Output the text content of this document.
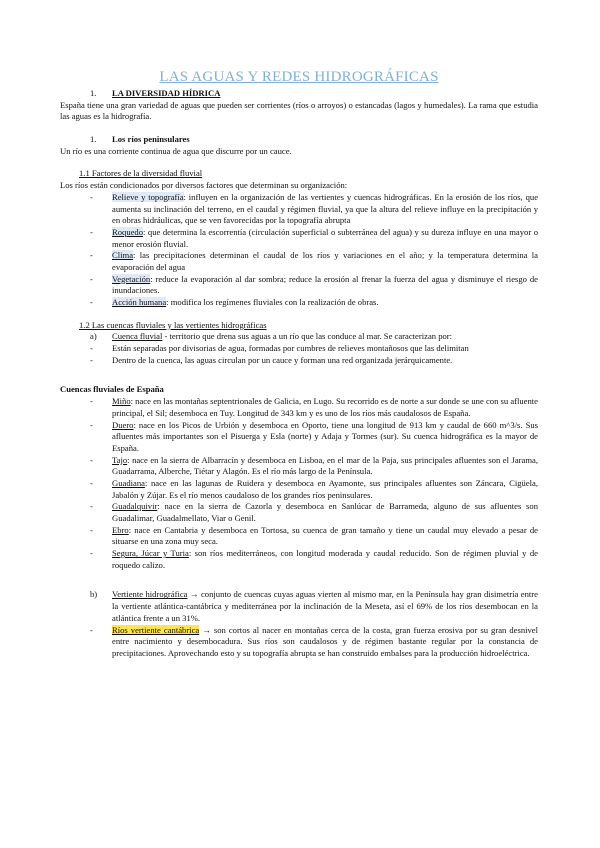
LAS AGUAS Y REDES HIDROGRÁFICAS
1. LA DIVERSIDAD HÍDRICA

España tiene una gran variedad de aguas que pueden ser corrientes (ríos o arroyos) o estancadas (lagos y humedales). La rama que estudia las aguas es la hidrografía.

1. Los ríos peninsulares

Un río es una corriente continua de agua que discurre por un cauce.

1.1 Factores de la diversidad fluvial

Los ríos están condicionados por diversos factores que determinan su organización:

- Relieve y topografía: influyen en la organización de las vertientes y cuencas hidrográficas. En la erosión de los ríos, que aumenta su inclinación del terreno, en el caudal y régimen fluvial, ya que la altura del relieve influye en la precipitación y en obras hidráulicas, que se ven favorecidas por la topografía abrupta
- Roquedo: que determina la escorrentía (circulación superficial o subterránea del agua) y su dureza influye en una mayor o menor erosión fluvial.
- Clima: las precipitaciones determinan el caudal de los ríos y variaciones en el año; y la temperatura determina la evaporación del agua
- Vegetación: reduce la evaporación al dar sombra; reduce la erosión al frenar la fuerza del agua y disminuye el riesgo de inundaciones.
- Acción humana: modifica los regímenes fluviales con la realización de obras.
1.2 Las cuencas fluviales y las vertientes hidrográficas
a) Cuenca fluvial - territorio que drena sus aguas a un río que las conduce al mar. Se caracterizan por:
- Están separadas por divisorias de agua, formadas por cumbres de relieves montañosos que las delimitan
- Dentro de la cuenca, las aguas circulan por un cauce y forman una red organizada jerárquicamente.
Cuencas fluviales de España
- Miño: nace en las montañas septentrionales de Galicia, en Lugo. Su recorrido es de norte a sur donde se une con su afluente principal, el Sil; desemboca en Tuy. Longitud de 343 km y es uno de los ríos más caudalosos de España.
- Duero: nace en los Picos de Urbión y desemboca en Oporto, tiene una longitud de 913 km y caudal de 660 m^3/s. Sus afluentes más importantes son el Pisuerga y Esla (norte) y Adaja y Tormes (sur). Su cuenca hidrográfica es la mayor de España.
- Tajo: nace en la sierra de Albarracín y desemboca en Lisboa, en el mar de la Paja, sus principales afluentes son el Jarama, Guadarrama, Alberche, Tiétar y Alagón. Es el río más largo de la Península.
- Guadiana: nace en las lagunas de Ruidera y desemboca en Ayamonte, sus principales afluentes son Záncara, Cigüela, Jabalón y Zújar. Es el río menos caudaloso de los grandes ríos peninsulares.
- Guadalquivir: nace en la sierra de Cazorla y desemboca en Sanlúcar de Barrameda, alguno de sus afluentes son Guadalimar, Guadalmellato, Viar o Genil.
- Ebro: nace en Cantabria y desemboca en Tortosa, su cuenca de gran tamaño y tiene un caudal muy elevado a pesar de situarse en una zona muy seca.
- Segura, Júcar y Turia: son ríos mediterráneos, con longitud moderada y caudal reducido. Son de régimen pluvial y de roquedo calizo.
b) Vertiente hidrográfica → conjunto de cuencas cuyas aguas vierten al mismo mar, en la Península hay gran disimetría entre la vertiente atlántica-cantábrica y mediterránea por la inclinación de la Meseta, así el 69% de los ríos desembocan en la atlántica frente a un 31%.
- Ríos vertiente cantábrica → son cortos al nacer en montañas cerca de la costa, gran fuerza erosiva por su gran desnivel entre nacimiento y desembocadura. Sus ríos son caudalosos y de régimen bastante regular por la constancia de precipitaciones. Aprovechando esto y su topografía abrupta se han construido embalses para la producción hidroeléctrica.
